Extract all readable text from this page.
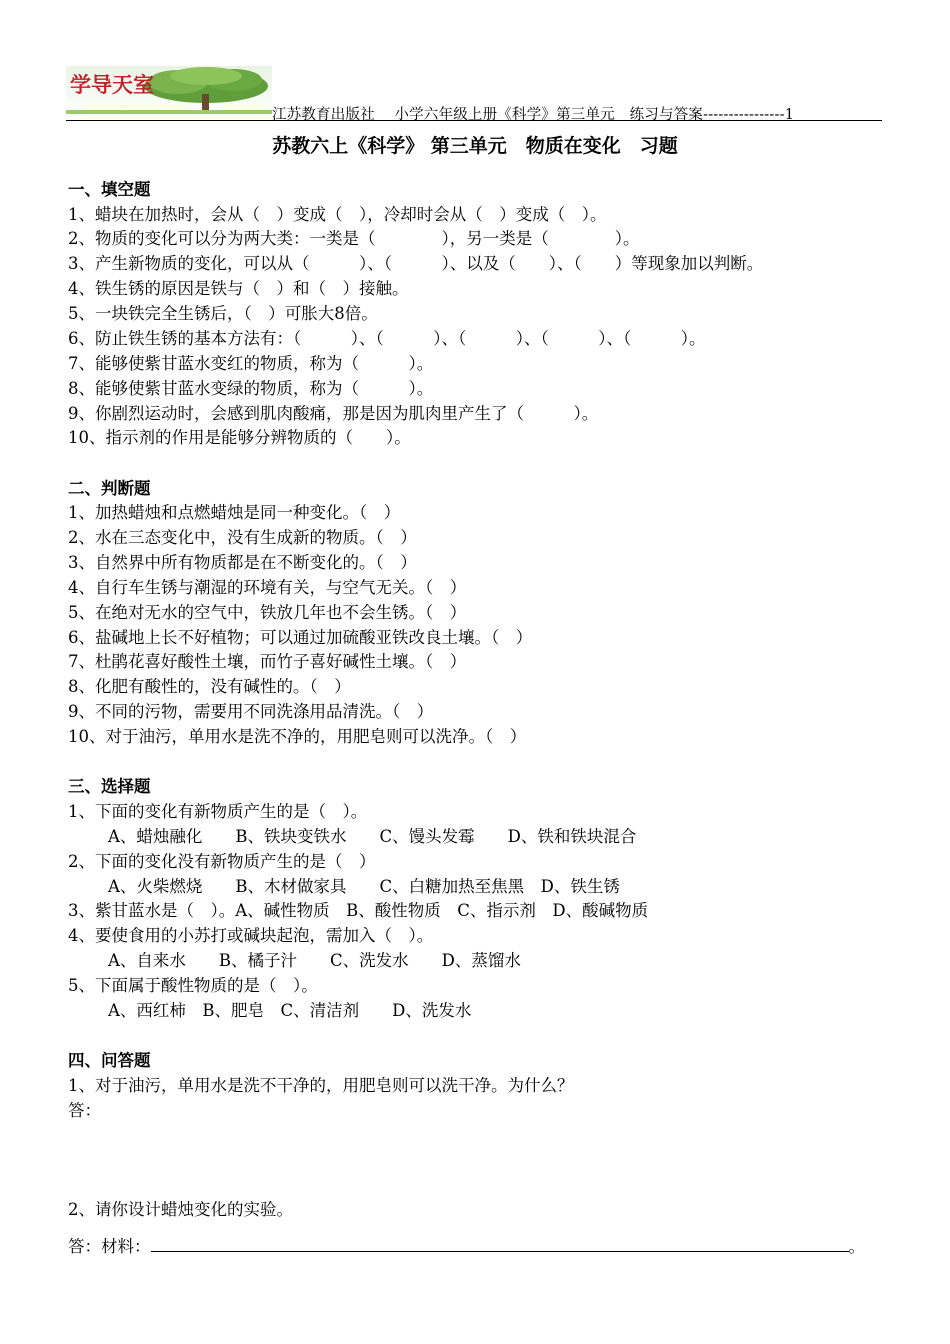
学导天室
江苏教育出版社　 小学六年级上册《科学》第三单元　练习与答案----------------1
苏教六上《科学》 第三单元　物质在变化　习题
一、填空题
1、蜡块在加热时，会从（　）变成（　），冷却时会从（　）变成（　）。
2、物质的变化可以分为两大类：一类是（　　　　），另一类是（　　　　）。
3、产生新物质的变化，可以从（　　　）、（　　　）、以及（　　）、（　　）等现象加以判断。
4、铁生锈的原因是铁与（　）和（　）接触。
5、一块铁完全生锈后，（　）可胀大8倍。
6、防止铁生锈的基本方法有：（　　　）、（　　　）、（　　　）、（　　　）、（　　　）。
7、能够使紫甘蓝水变红的物质，称为（　　　）。
8、能够使紫甘蓝水变绿的物质，称为（　　　）。
9、你剧烈运动时，会感到肌肉酸痛，那是因为肌肉里产生了（　　　）。
10、指示剂的作用是能够分辨物质的（　　）。
二、判断题
1、加热蜡烛和点燃蜡烛是同一种变化。（　）
2、水在三态变化中，没有生成新的物质。（　）
3、自然界中所有物质都是在不断变化的。（　）
4、自行车生锈与潮湿的环境有关，与空气无关。（　）
5、在绝对无水的空气中，铁放几年也不会生锈。（　）
6、盐碱地上长不好植物；可以通过加硫酸亚铁改良土壤。（　）
7、杜鹃花喜好酸性土壤，而竹子喜好碱性土壤。（　）
8、化肥有酸性的，没有碱性的。（　）
9、不同的污物，需要用不同洗涤用品清洗。（　）
10、对于油污，单用水是洗不净的，用肥皂则可以洗净。（　）
三、选择题
1、下面的变化有新物质产生的是（　）。
A、蜡烛融化　　B、铁块变铁水　　C、馒头发霉　　D、铁和铁块混合
2、下面的变化没有新物质产生的是（　）
A、火柴燃烧　　B、木材做家具　　C、白糖加热至焦黑　D、铁生锈
3、紫甘蓝水是（　）。A、碱性物质　B、酸性物质　C、指示剂　D、酸碱物质
4、要使食用的小苏打或碱块起泡，需加入（　）。
A、自来水　　B、橘子汁　　C、洗发水　　D、蒸馏水
5、下面属于酸性物质的是（　）。
A、西红柿　B、肥皂　C、清洁剂　　D、洗发水
四、问答题
1、对于油污，单用水是洗不干净的，用肥皂则可以洗干净。为什么？
答：
2、请你设计蜡烛变化的实验。
答：材料：	。
